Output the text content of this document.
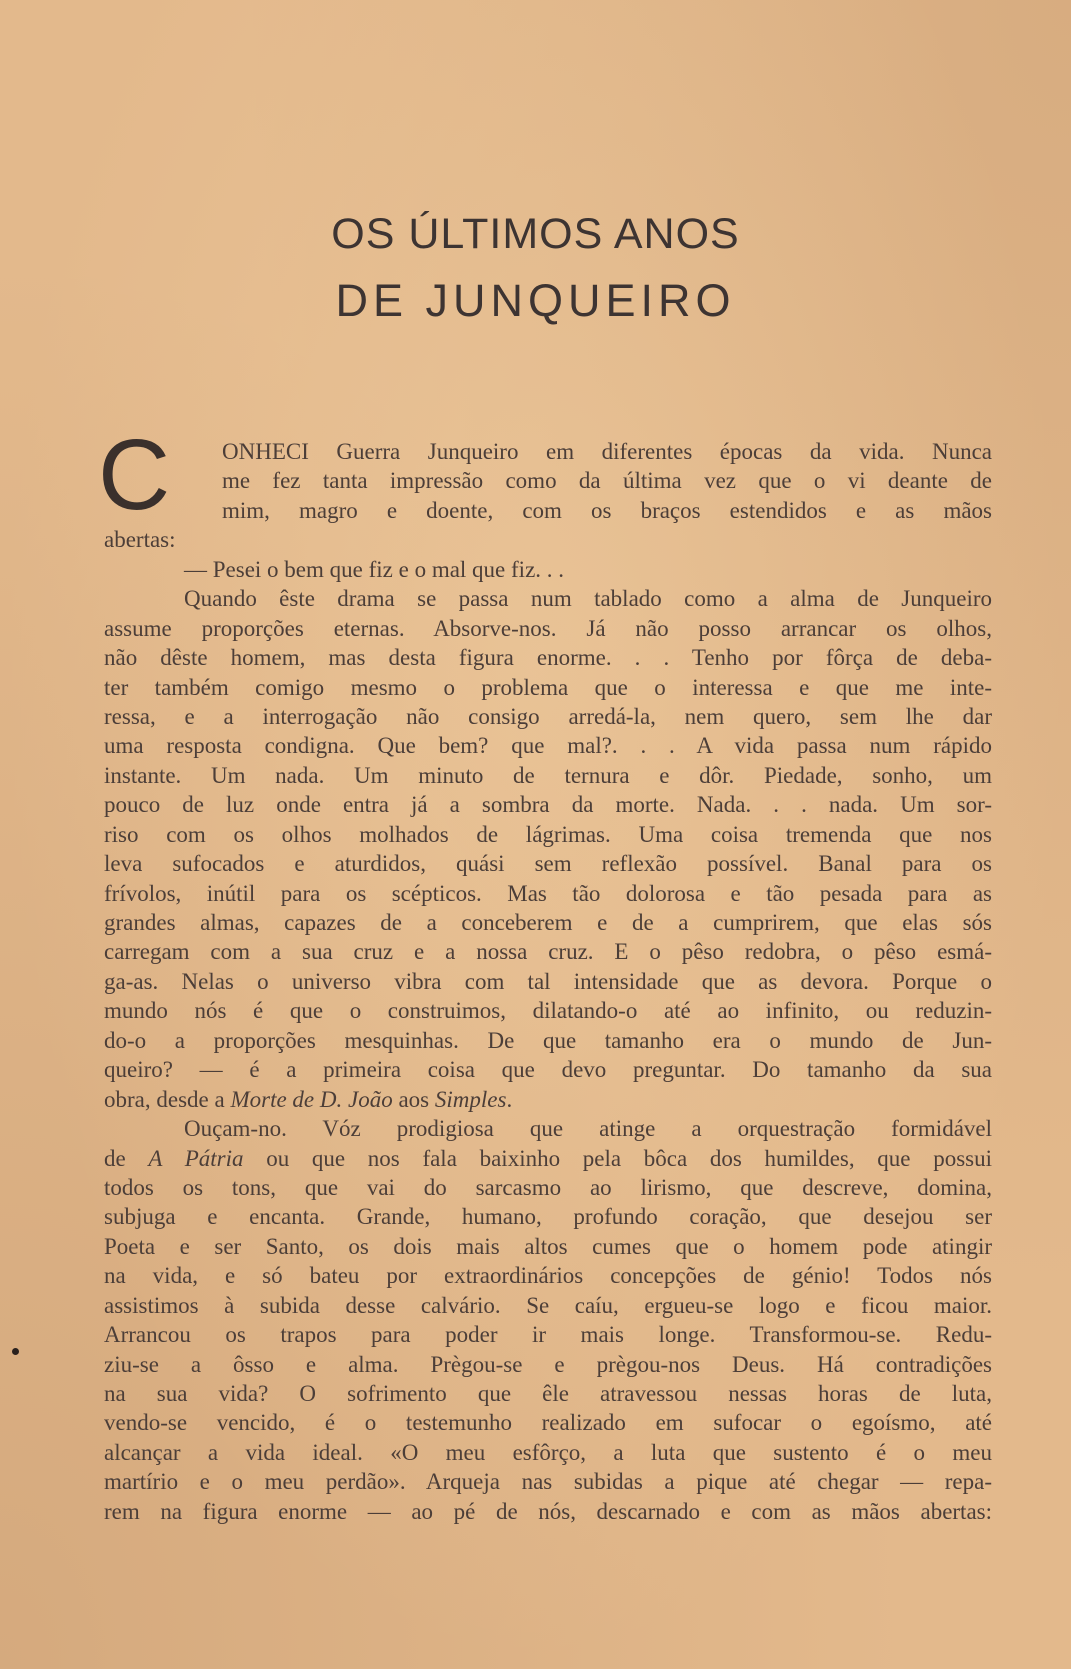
OS ÚLTIMOS ANOS
DE JUNQUEIRO
C	ONHECI Guerra Junqueiro em diferentes épocas da vida. Nunca
me fez tanta impressão como da última vez que o vi deante de
mim, magro e doente, com os braços estendidos e as mãos
abertas:
— Pesei o bem que fiz e o mal que fiz. . .
Quando êste drama se passa num tablado como a alma de Junqueiro
assume proporções eternas. Absorve-nos. Já não posso arrancar os olhos,
não dêste homem, mas desta figura enorme. . . Tenho por fôrça de deba-
ter também comigo mesmo o problema que o interessa e que me inte-
ressa, e a interrogação não consigo arredá-la, nem quero, sem lhe dar
uma resposta condigna. Que bem? que mal?. . . A vida passa num rápido
instante. Um nada. Um minuto de ternura e dôr. Piedade, sonho, um
pouco de luz onde entra já a sombra da morte. Nada. . . nada. Um sor-
riso com os olhos molhados de lágrimas. Uma coisa tremenda que nos
leva sufocados e aturdidos, quási sem reflexão possível. Banal para os
frívolos, inútil para os scépticos. Mas tão dolorosa e tão pesada para as
grandes almas, capazes de a conceberem e de a cumprirem, que elas sós
carregam com a sua cruz e a nossa cruz. E o pêso redobra, o pêso esmá-
ga-as. Nelas o universo vibra com tal intensidade que as devora. Porque o
mundo nós é que o construimos, dilatando-o até ao infinito, ou reduzin-
do-o a proporções mesquinhas. De que tamanho era o mundo de Jun-
queiro? — é a primeira coisa que devo preguntar. Do tamanho da sua
obra, desde a Morte de D. João aos Simples.
Ouçam-no. Vóz prodigiosa que atinge a orquestração formidável
de A Pátria ou que nos fala baixinho pela bôca dos humildes, que possui
todos os tons, que vai do sarcasmo ao lirismo, que descreve, domina,
subjuga e encanta. Grande, humano, profundo coração, que desejou ser
Poeta e ser Santo, os dois mais altos cumes que o homem pode atingir
na vida, e só bateu por extraordinários concepções de génio! Todos nós
assistimos à subida desse calvário. Se caíu, ergueu-se logo e ficou maior.
Arrancou os trapos para poder ir mais longe. Transformou-se. Redu-
ziu-se a ôsso e alma. Prègou-se e prègou-nos Deus. Há contradições
na sua vida? O sofrimento que êle atravessou nessas horas de luta,
vendo-se vencido, é o testemunho realizado em sufocar o egoísmo, até
alcançar a vida ideal. «O meu esfôrço, a luta que sustento é o meu
martírio e o meu perdão». Arqueja nas subidas a pique até chegar — repa-
rem na figura enorme — ao pé de nós, descarnado e com as mãos abertas:
